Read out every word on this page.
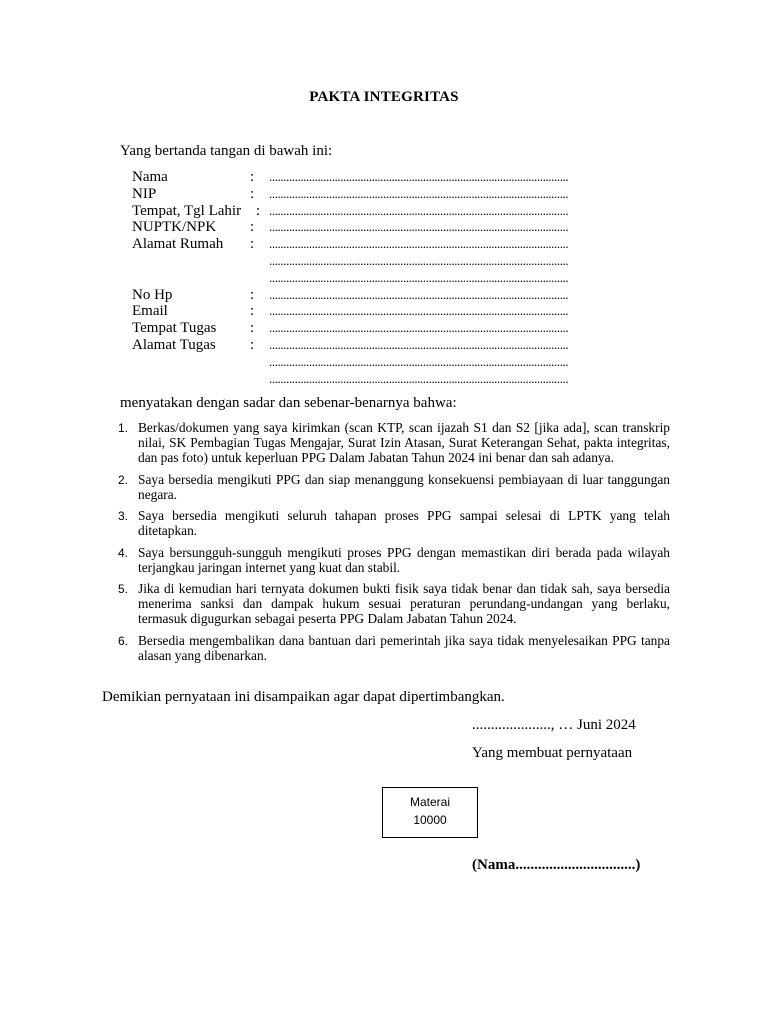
PAKTA INTEGRITAS
Yang bertanda tangan di bawah ini:
Nama	: .........................................................................................................
NIP	: .........................................................................................................
Tempat, Tgl Lahir : .........................................................................................................
NUPTK/NPK : .........................................................................................................
Alamat Rumah : .........................................................................................................
.........................................................................................................
.........................................................................................................
No Hp	: .........................................................................................................
Email	: .........................................................................................................
Tempat Tugas : .........................................................................................................
Alamat Tugas : .........................................................................................................
.........................................................................................................
.........................................................................................................
menyatakan dengan sadar dan sebenar-benarnya bahwa:
1. Berkas/dokumen yang saya kirimkan (scan KTP, scan ijazah S1 dan S2 [jika ada], scan transkrip nilai, SK Pembagian Tugas Mengajar, Surat Izin Atasan, Surat Keterangan Sehat, pakta integritas, dan pas foto) untuk keperluan PPG Dalam Jabatan Tahun 2024 ini benar dan sah adanya.
2. Saya bersedia mengikuti PPG dan siap menanggung konsekuensi pembiayaan di luar tanggungan negara.
3. Saya bersedia mengikuti seluruh tahapan proses PPG sampai selesai di LPTK yang telah ditetapkan.
4. Saya bersungguh-sungguh mengikuti proses PPG dengan memastikan diri berada pada wilayah terjangkau jaringan internet yang kuat dan stabil.
5. Jika di kemudian hari ternyata dokumen bukti fisik saya tidak benar dan tidak sah, saya bersedia menerima sanksi dan dampak hukum sesuai peraturan perundang-undangan yang berlaku, termasuk digugurkan sebagai peserta PPG Dalam Jabatan Tahun 2024.
6. Bersedia mengembalikan dana bantuan dari pemerintah jika saya tidak menyelesaikan PPG tanpa alasan yang dibenarkan.
Demikian pernyataan ini disampaikan agar dapat dipertimbangkan.
....................., … Juni 2024
Yang membuat pernyataan
Materai
10000
(Nama................................)
